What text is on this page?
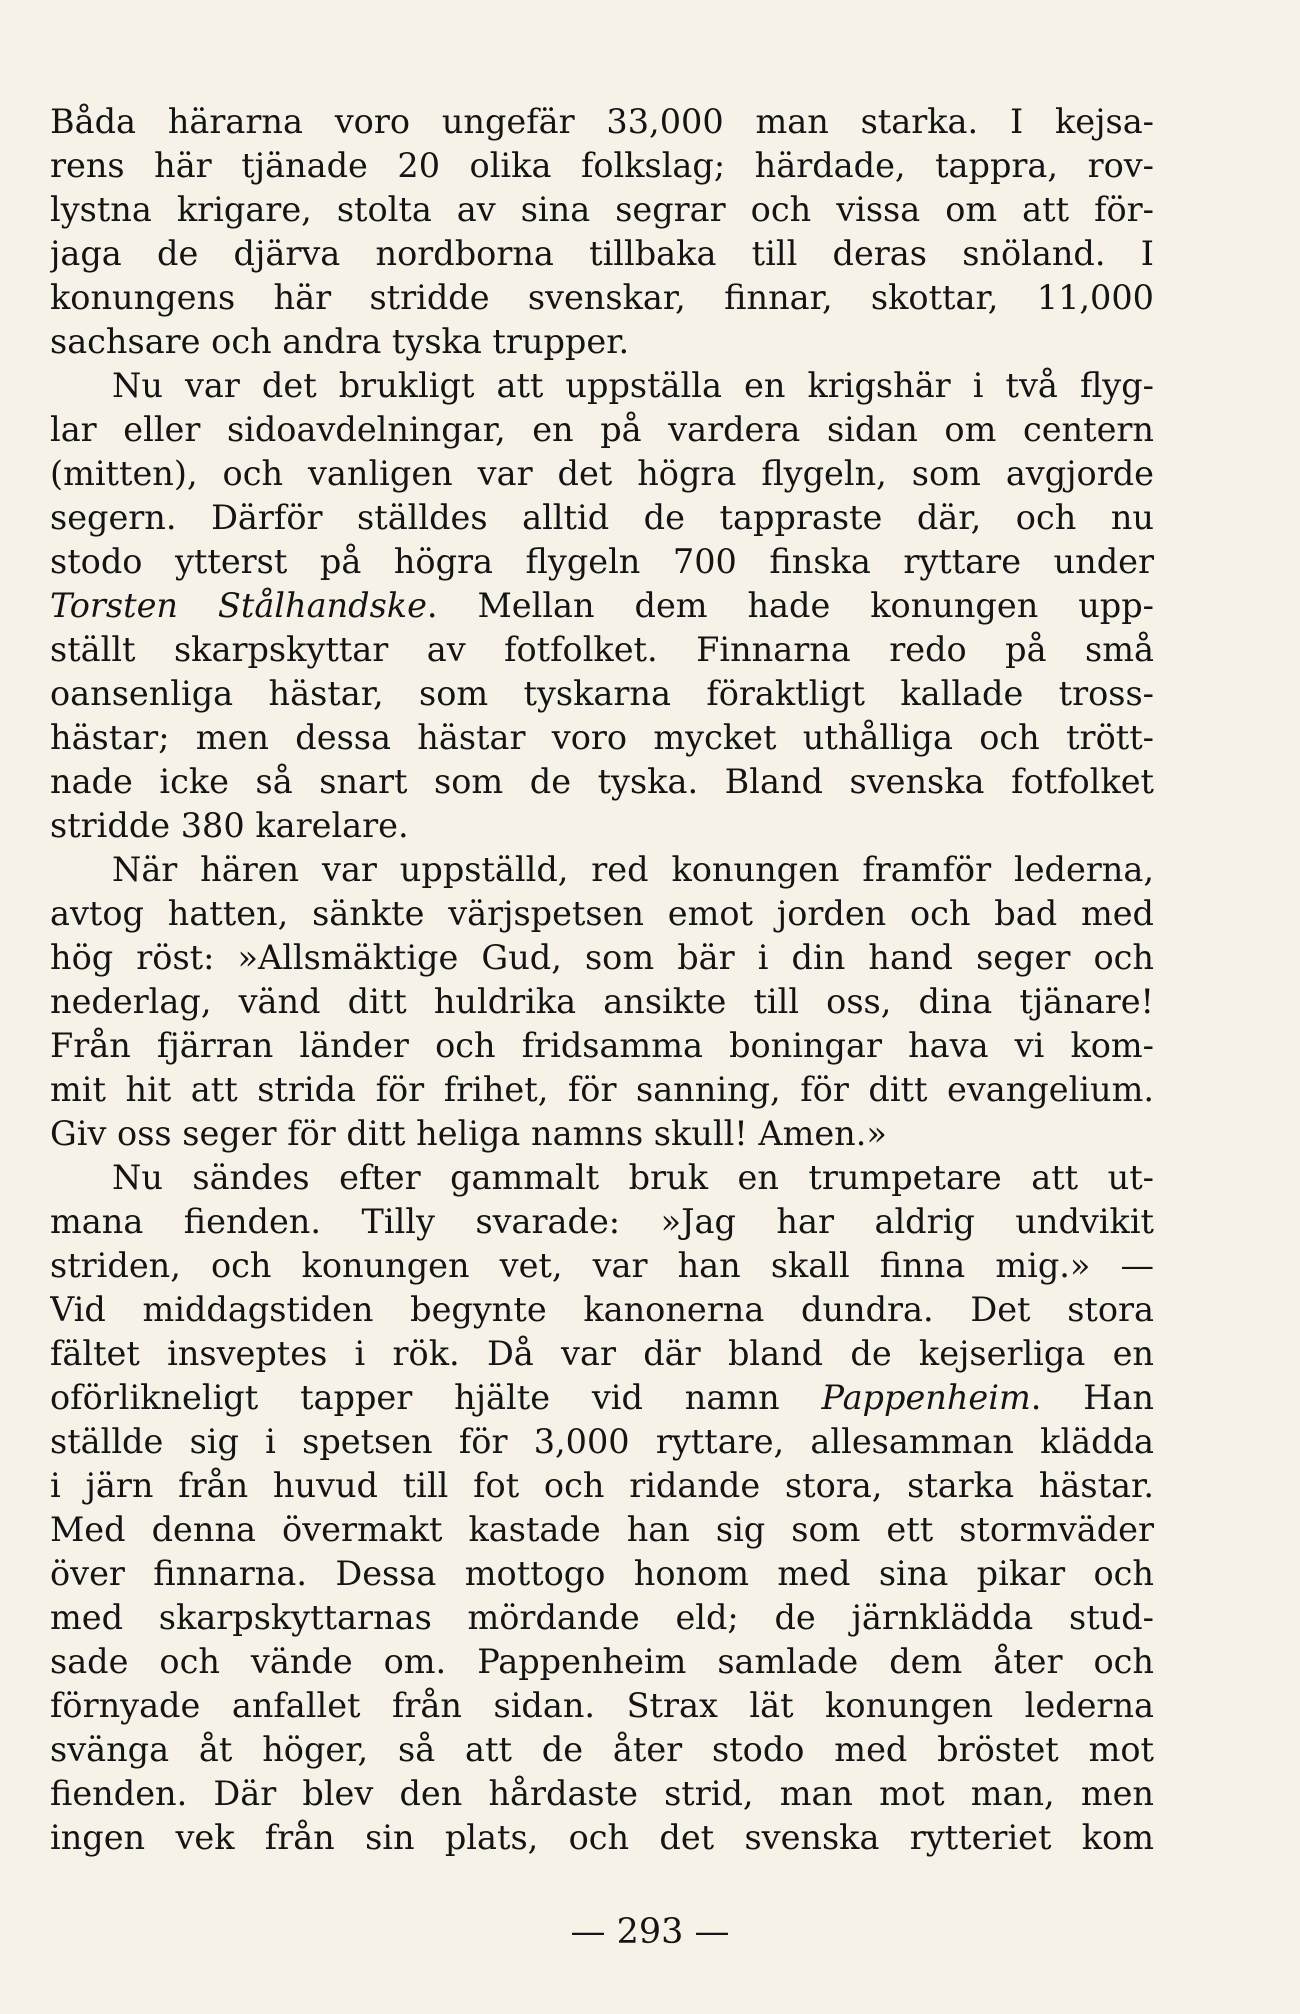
Båda härarna voro ungefär 33,000 man starka. I kejsa-
rens här tjänade 20 olika folkslag; härdade, tappra, rov-
lystna krigare, stolta av sina segrar och vissa om att för-
jaga de djärva nordborna tillbaka till deras snöland. I
konungens här stridde svenskar, finnar, skottar, 11,000
sachsare och andra tyska trupper.
Nu var det brukligt att uppställa en krigshär i två flyg-
lar eller sidoavdelningar, en på vardera sidan om centern
(mitten), och vanligen var det högra flygeln, som avgjorde
segern. Därför ställdes alltid de tappraste där, och nu
stodo ytterst på högra flygeln 700 finska ryttare under
Torsten Stålhandske. Mellan dem hade konungen upp-
ställt skarpskyttar av fotfolket. Finnarna redo på små
oansenliga hästar, som tyskarna föraktligt kallade tross-
hästar; men dessa hästar voro mycket uthålliga och trött-
nade icke så snart som de tyska. Bland svenska fotfolket
stridde 380 karelare.
När hären var uppställd, red konungen framför lederna,
avtog hatten, sänkte värjspetsen emot jorden och bad med
hög röst: »Allsmäktige Gud, som bär i din hand seger och
nederlag, vänd ditt huldrika ansikte till oss, dina tjänare!
Från fjärran länder och fridsamma boningar hava vi kom-
mit hit att strida för frihet, för sanning, för ditt evangelium.
Giv oss seger för ditt heliga namns skull! Amen.»
Nu sändes efter gammalt bruk en trumpetare att ut-
mana fienden. Tilly svarade: »Jag har aldrig undvikit
striden, och konungen vet, var han skall finna mig.» —
Vid middagstiden begynte kanonerna dundra. Det stora
fältet insveptes i rök. Då var där bland de kejserliga en
oförlikneligt tapper hjälte vid namn Pappenheim. Han
ställde sig i spetsen för 3,000 ryttare, allesamman klädda
i järn från huvud till fot och ridande stora, starka hästar.
Med denna övermakt kastade han sig som ett stormväder
över finnarna. Dessa mottogo honom med sina pikar och
med skarpskyttarnas mördande eld; de järnklädda stud-
sade och vände om. Pappenheim samlade dem åter och
förnyade anfallet från sidan. Strax lät konungen lederna
svänga åt höger, så att de åter stodo med bröstet mot
fienden. Där blev den hårdaste strid, man mot man, men
ingen vek från sin plats, och det svenska rytteriet kom
— 293 —
